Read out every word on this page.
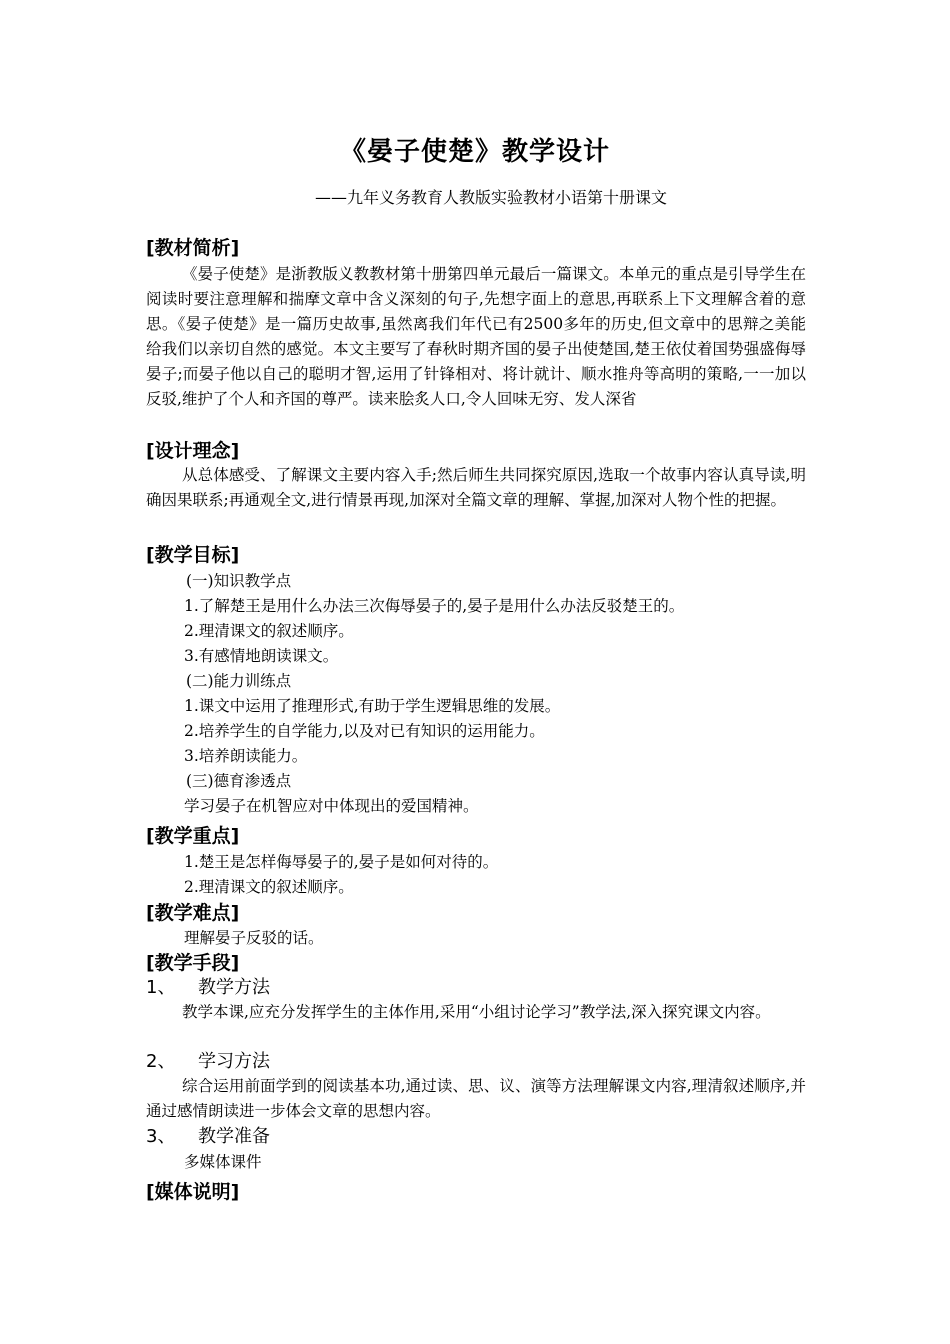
《晏子使楚》教学设计
——九年义务教育人教版实验教材小语第十册课文
[教材简析]

《晏子使楚》是浙教版义教教材第十册第四单元最后一篇课文。本单元的重点是引导学生在阅读时要注意理解和揣摩文章中含义深刻的句子,先想字面上的意思,再联系上下文理解含着的意思。《晏子使楚》是一篇历史故事,虽然离我们年代已有2500多年的历史,但文章中的思辩之美能给我们以亲切自然的感觉。本文主要写了春秋时期齐国的晏子出使楚国,楚王依仗着国势强盛侮辱晏子;而晏子他以自己的聪明才智,运用了针锋相对、将计就计、顺水推舟等高明的策略,一一加以反驳,维护了个人和齐国的尊严。读来脍炙人口,令人回味无穷、发人深省

[设计理念]

从总体感受、了解课文主要内容入手;然后师生共同探究原因,选取一个故事内容认真导读,明确因果联系;再通观全文,进行情景再现,加深对全篇文章的理解、掌握,加深对人物个性的把握。

[教学目标]
(一)知识教学点
1.了解楚王是用什么办法三次侮辱晏子的,晏子是用什么办法反驳楚王的。
2.理清课文的叙述顺序。
3.有感情地朗读课文。
(二)能力训练点
1.课文中运用了推理形式,有助于学生逻辑思维的发展。
2.培养学生的自学能力,以及对已有知识的运用能力。
3.培养朗读能力。
(三)德育渗透点
学习晏子在机智应对中体现出的爱国精神。
[教学重点]
1.楚王是怎样侮辱晏子的,晏子是如何对待的。
2.理清课文的叙述顺序。
[教学难点]
理解晏子反驳的话。
[教学手段]
1、 教学方法

教学本课,应充分发挥学生的主体作用,采用“小组讨论学习”教学法,深入探究课文内容。

2、 学习方法

综合运用前面学到的阅读基本功,通过读、思、议、演等方法理解课文内容,理清叙述顺序,并通过感情朗读进一步体会文章的思想内容。

3、 教学准备
多媒体课件
[媒体说明]
